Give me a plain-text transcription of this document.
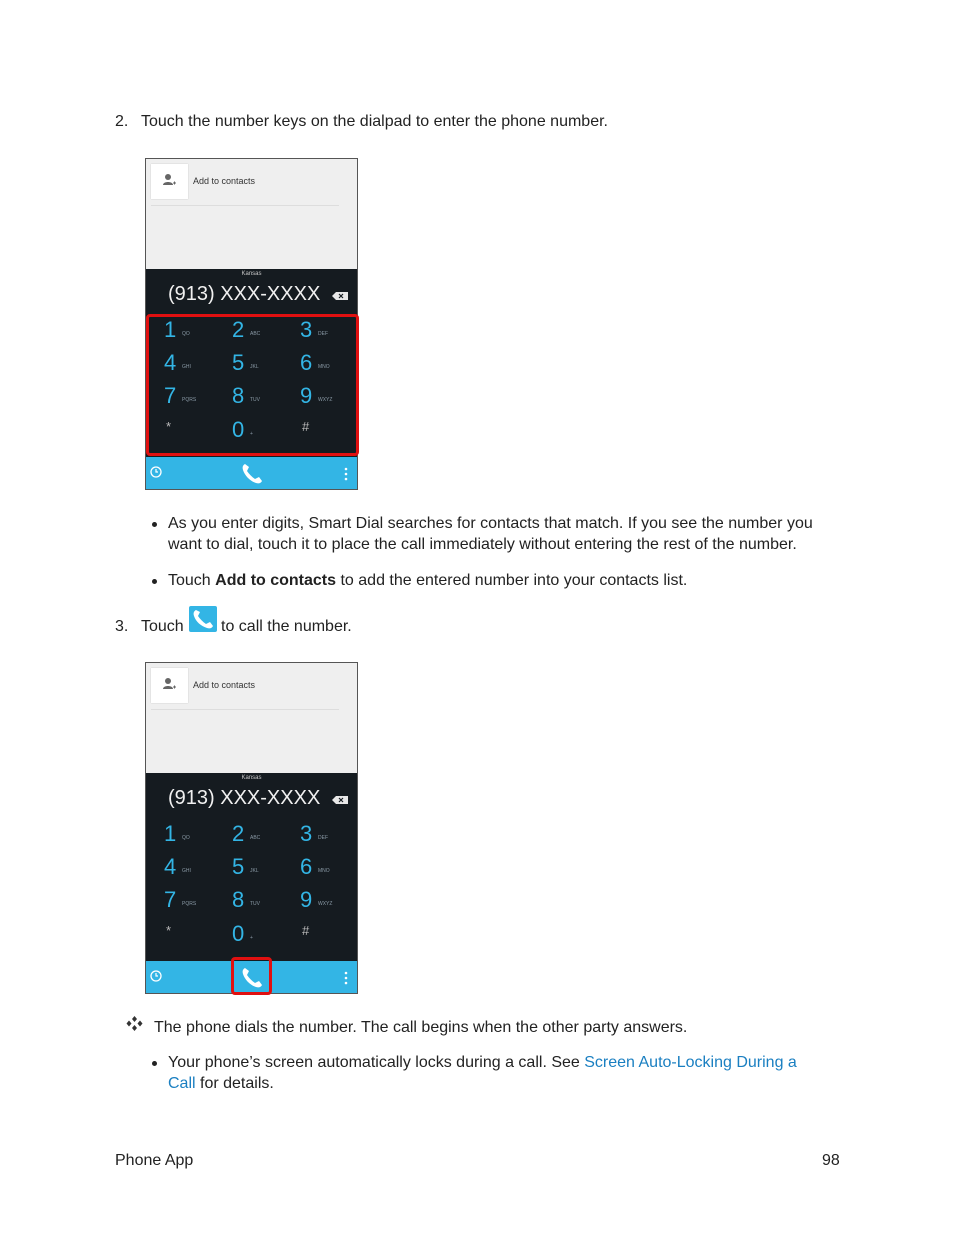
2. Touch the number keys on the dialpad to enter the phone number.
Add to contacts
Kansas
(913) XXX-XXXX
1 QO 2 ABC 3 DEF
4 GHI 5 JKL 6 MNO
7 PQRS 8 TUV 9 WXYZ
*	0 +	#
As you enter digits, Smart Dial searches for contacts that match. If you see the number you
want to dial, touch it to place the call immediately without entering the rest of the number.
Touch Add to contacts to add the entered number into your contacts list.
3. Touch to call the number.
Add to contacts
Kansas
(913) XXX-XXXX
1 QO 2 ABC 3 DEF
4 GHI 5 JKL 6 MNO
7 PQRS 8 TUV 9 WXYZ
*	0 +	#
The phone dials the number. The call begins when the other party answers.
Your phone’s screen automatically locks during a call. See Screen Auto-Locking During a
Call for details.
Phone App	98
